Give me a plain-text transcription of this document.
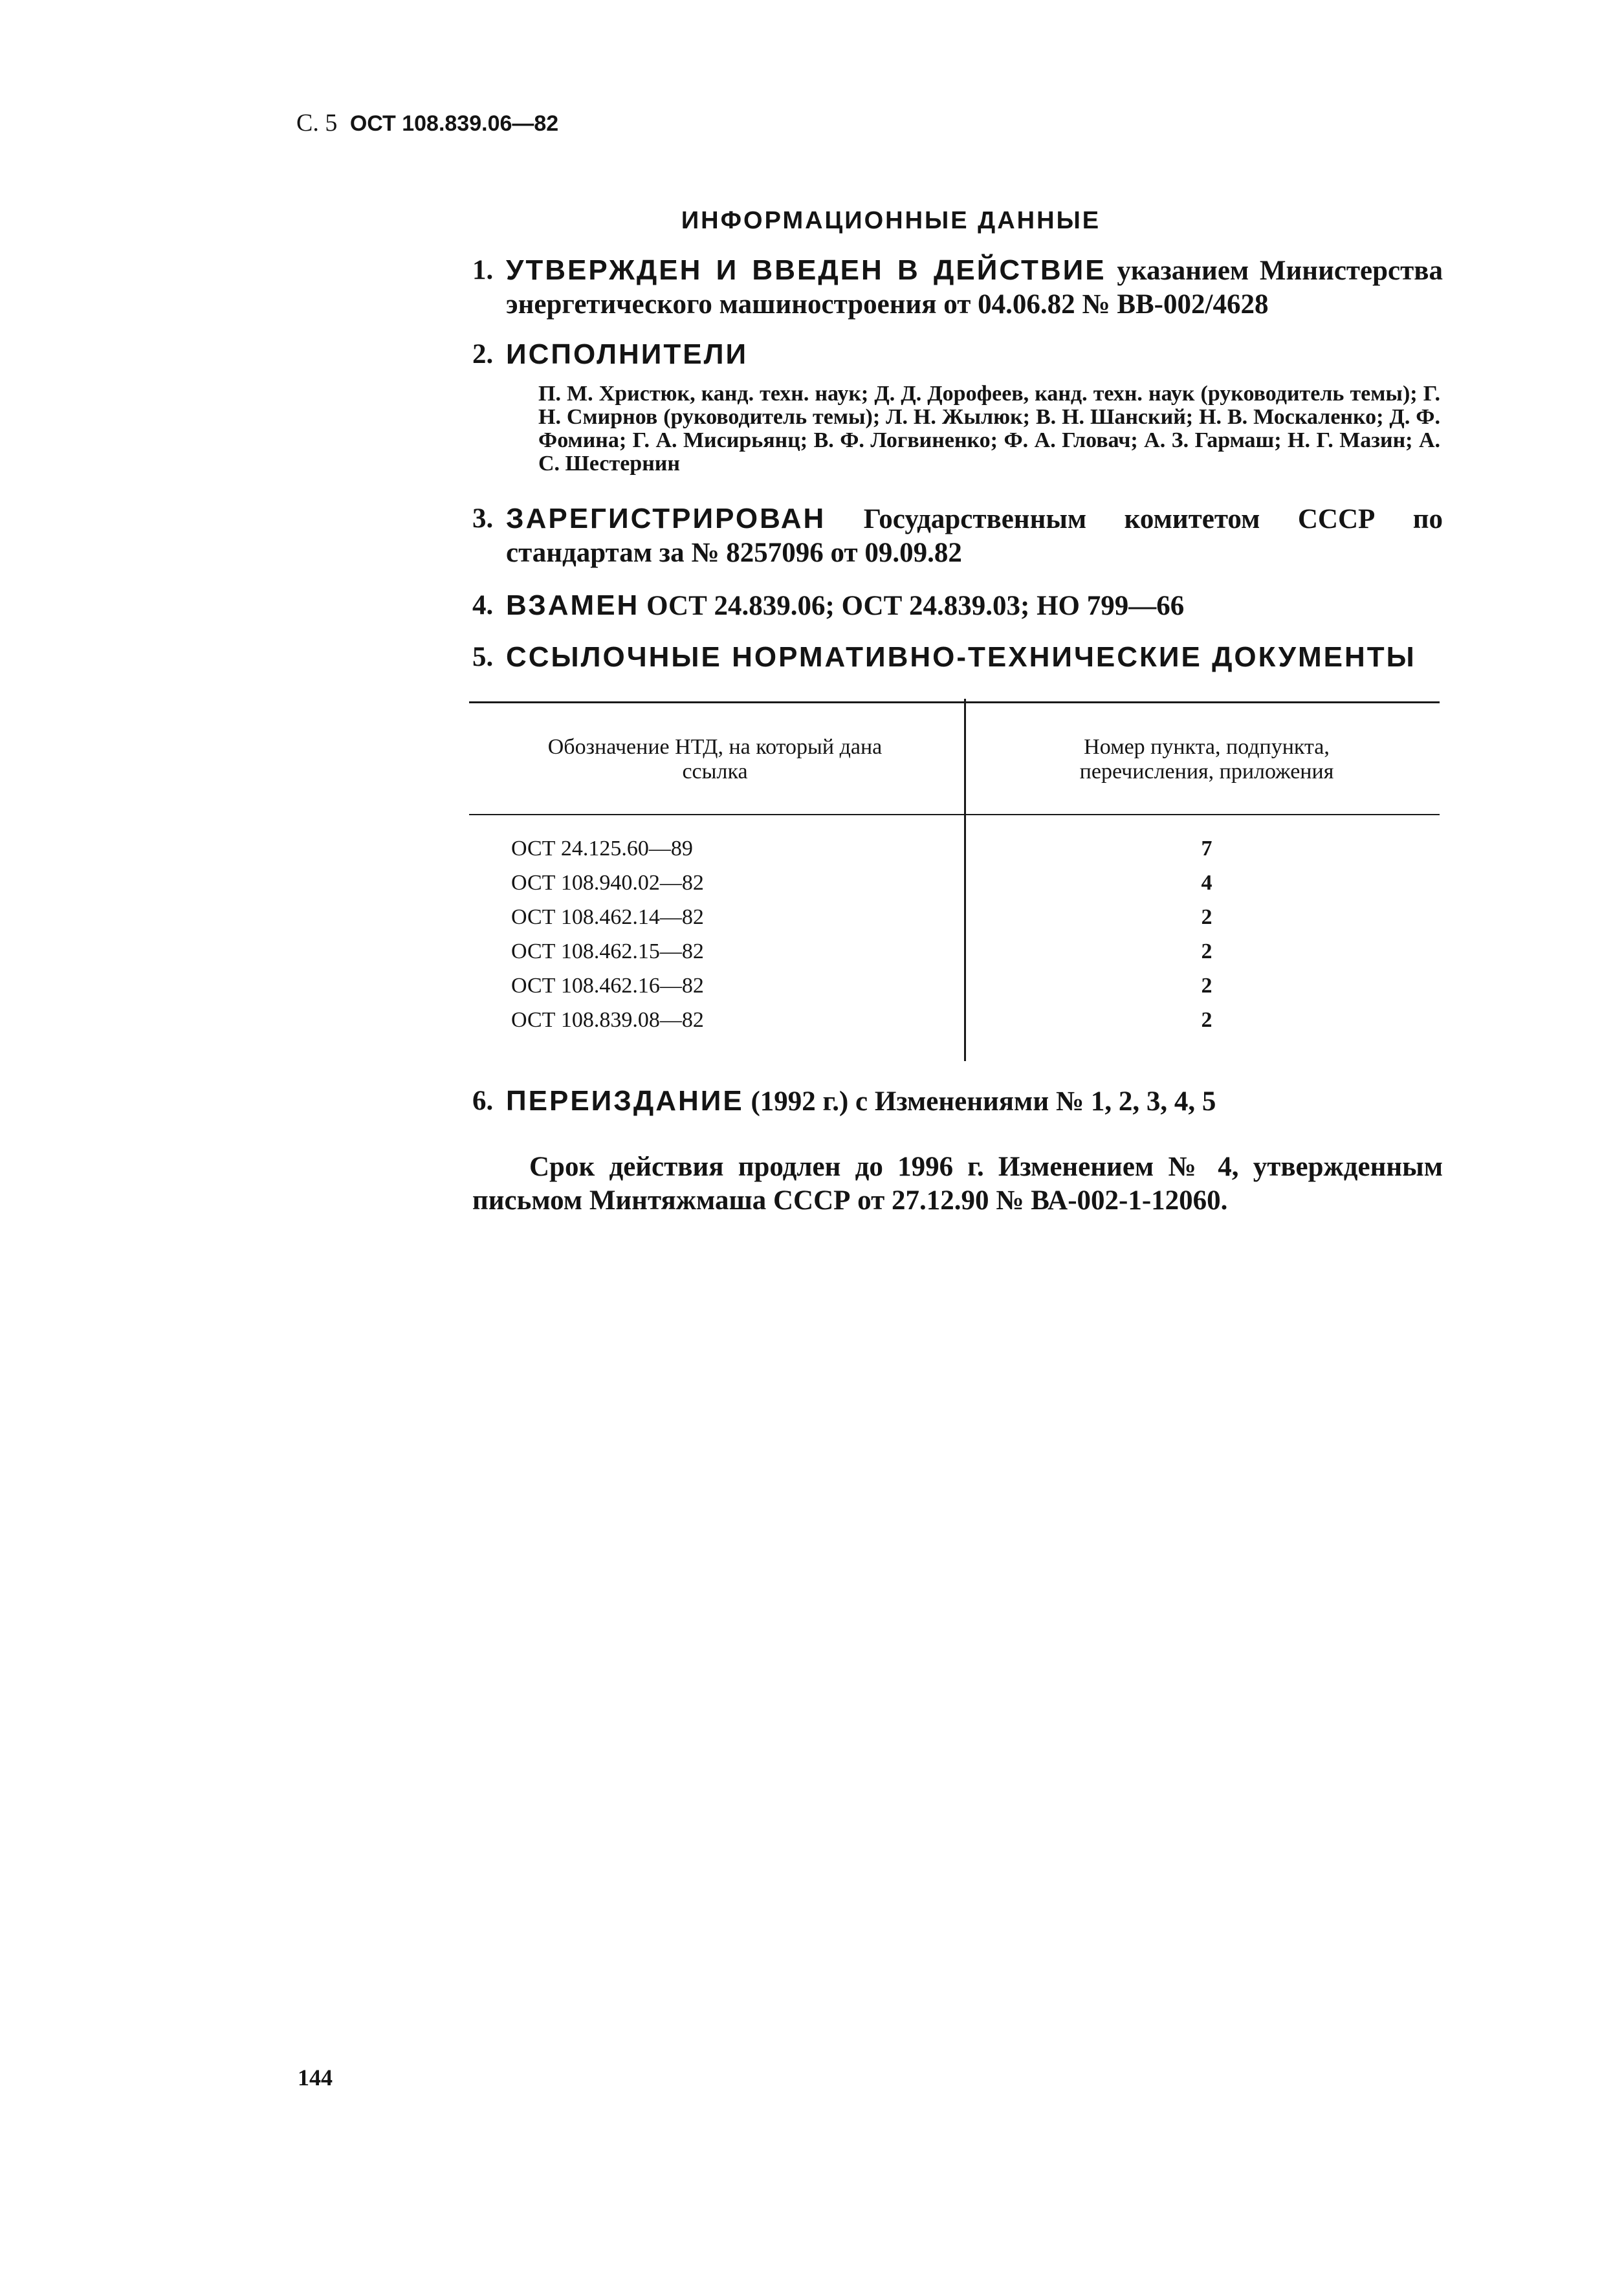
С. 5 ОСТ 108.839.06—82
ИНФОРМАЦИОННЫЕ ДАННЫЕ
1. УТВЕРЖДЕН И ВВЕДЕН В ДЕЙСТВИЕ указанием Министерства энергетического машиностроения от 04.06.82 № ВВ-002/4628
2. ИСПОЛНИТЕЛИ
П. М. Христюк, канд. техн. наук; Д. Д. Дорофеев, канд. техн. наук (руководитель темы); Г. Н. Смирнов (руководитель темы); Л. Н. Жылюк; В. Н. Шанский; Н. В. Москаленко; Д. Ф. Фомина; Г. А. Мисирьянц; В. Ф. Логвиненко; Ф. А. Гловач; А. З. Гармаш; Н. Г. Мазин; А. С. Шестернин
3. ЗАРЕГИСТРИРОВАН Государственным комитетом СССР по стандартам за № 8257096 от 09.09.82
4. ВЗАМЕН ОСТ 24.839.06; ОСТ 24.839.03; НО 799—66
5. ССЫЛОЧНЫЕ НОРМАТИВНО-ТЕХНИЧЕСКИЕ ДОКУМЕНТЫ
Обозначение НТД, на который дана ссылка
Номер пункта, подпункта, перечисления, приложения
ОСТ 24.125.60—89	7
ОСТ 108.940.02—82	4
ОСТ 108.462.14—82	2
ОСТ 108.462.15—82	2
ОСТ 108.462.16—82	2
ОСТ 108.839.08—82	2
6. ПЕРЕИЗДАНИЕ (1992 г.) с Изменениями № 1, 2, 3, 4, 5
Срок действия продлен до 1996 г. Изменением № 4, утвержденным письмом Минтяжмаша СССР от 27.12.90 № ВА-002-1-12060.
144
